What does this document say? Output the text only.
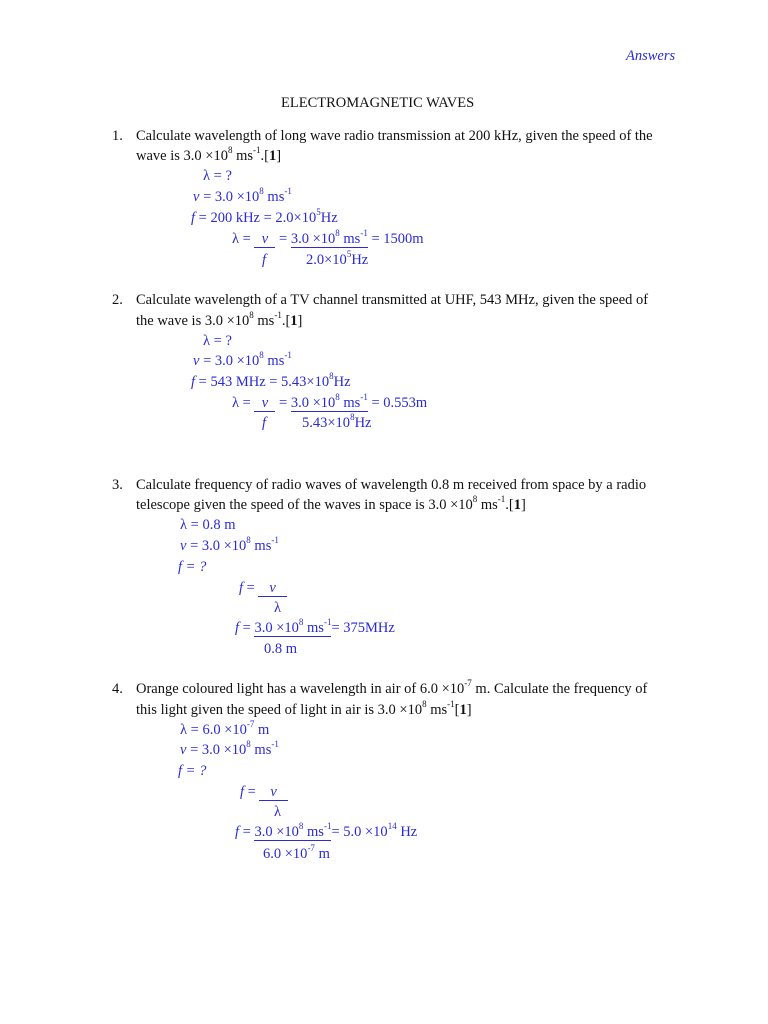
Answers
ELECTROMAGNETIC WAVES
1. Calculate wavelength of long wave radio transmission at 200 kHz, given the speed of the
wave is $3.0 \times 10^8$ $ms^{-1}.[1]$
λ = ?
$v = 3.0 \times 10^8$ $ms^{-1}$
f = 200 kHz = $2.0\times 10^5Hz$
$\lambda = v = 3.0 \times 10^8$ $ms^{-1} = 1500m$
f	$2.0\times 10^5Hz$
2. Calculate wavelength of a TV channel transmitted at UHF, 543 MHz, given the speed of
the wave is $3.0 \times 10^8$ $ms^{-1}.[1]$
λ = ?
$v = 3.0 \times 10^8$ $ms^{-1}$
f = 543 MHz = $5.43\times 10^8Hz$
$\lambda = v = 3.0 \times 10^8$ $ms^{-1} = 0.553m$
f $5.43\times 10^8Hz$
3. Calculate frequency of radio waves of wavelength 0.8 m received from space by a radio
telescope given the speed of the waves in space is $3.0 \times 10^8$ $ms^{-1}.[1]$
λ = 0.8 m
$v = 3.0 \times 10^8$ $ms^{-1}$
f = ?
f =    v
λ
$f = 3.0 \times 10^8$ $ms^{-1}= 375MHz$
0.8 m
4. Orange coloured light has a wavelength in air of $6.0 \times 10^{-7}$ m. Calculate the frequency of
this light given the speed of light in air is $3.0 \times 10^8$ $ms^{-1}[1]$
$\lambda = 6.0 \times 10^{-7}$ m
$v = 3.0 \times 10^8$ $ms^{-1}$
f = ?
f =    v
λ
$f = 3.0 \times 10^8$ $ms^{-1}= 5.0 \times 10^{14}$ Hz
$6.0 \times 10^{-7}$ m
